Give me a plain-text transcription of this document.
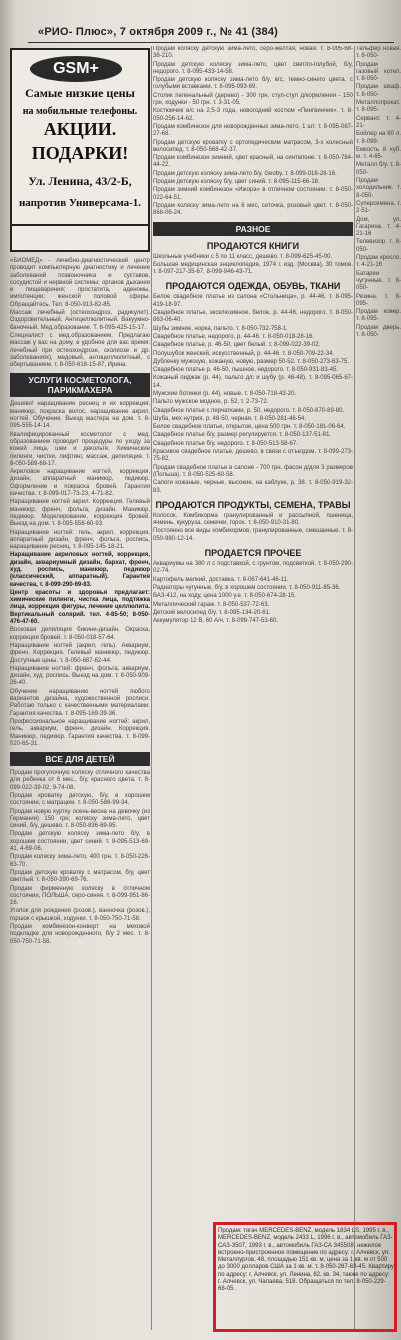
«РИО- Плюс», 7 октября 2009 г., № 41 (384)
GSM+
Самые низкие цены
на мобильные телефоны.
АКЦИИ.
ПОДАРКИ!
Ул. Ленина, 43/2-Б,
напротив Универсама-1.

«БИОМЕД» - лечебно-диагностический центр проводит компьютерную диагностику и лечение заболеваний позвоночника и суставов, сосудистой и нервной системы; органов дыхания и пищеварения; простатита, аденомы, импотенции; женской половой сферы. Обращайтесь. Тел. 8-050-913-82-85.

Массаж лечебный (остеохондроз, радикулит). Оздоровительный. Антицеллюлитный. Вакуумно-баночный. Мед.образование. Т. 8-095-425-15-17.

Специалист с мед.образованием. Предлагаю массаж у вас на дому, в удобное для вас время: лечебный при остеохондрозе, сколиозе и др. заболеваниях), медовый, антицеллюлитный, с обертыванием. т. 8-050-618-15-87, Ирина.

УСЛУГИ КОСМЕТОЛОГА, ПАРИКМАХЕРА

Дешево! наращивание ресниц и их коррекция; маникюр, покраска волос, наращивание акрил. ногтей. Обучение. Выезд мастера на дом. т. 8-095-555-14-14.

Квалифицированный косметолог с мед. образованием проводит процедуры по уходу за кожей лица, шеи и декольте. Химические пилинги, чистки, лифтинг, массаж, депиляция. т. 8-050-589-68-17.

Акриловое наращивание ногтей, коррекция, дизайн, аппаратный маникюр, педикюр. Оформление и покраска бровей. Гарантия качества. т. 8-099-017-73-23, 4-71-82.

Наращивание ногтей акрил. Коррекция. Гелевый маникюр, френч, фольга, дизайн. Маникюр, педикюр. Моделирование, коррекция бровей. Выезд на дом. т. 8-095-558-60-93.

Наращивание ногтей: гель, акрил, коррекция, аппаратный дизайн, френч, фольга, роспись, наращивание ресниц. т. 8-095-145-18-21.

Наращивание акриловых ногтей, коррекция, дизайн, аквариумный дизайн, бархат, френч, худ. роспись, маникюр, педикюр (классический, аппаратный). Гарантия качества, т. 8-099-290-69-83.

Центр красоты и здоровья предлагает: химические пилинги, чистка лица, подтяжка лица, коррекция фигуры, лечение целлюлита. Вертикальный солярий. тел. 4-85-50; 8-050-476-47-60.

Восковая депиляция бикини-дизайн. Окраска, коррекция бровей. т. 8-050-018-57-64.

Наращивание ногтей (акрил, гель). Аквариум, френч. Коррекция. Гелевый маникюр, педикюр. Доступные цены. т. 8-050-687-62-44.

Наращивание ногтей: френч, фольга, аквариум, дизайн, худ. роспись. Выезд на дом. т. 8-050-909-26-40.

Обучение наращиванию ногтей любого вариантов дизайна, художественной росписи. Работаю только с качественными материалами. Гарантия качества. т. 8-095-169-39-36.

Профессиональное наращивание ногтей: акрил, гель, аквариум, френч, дизайн. Коррекция. Маникюр, педикюр. Гарантия качества. т. 8-099-020-65-31.

ВСЕ ДЛЯ ДЕТЕЙ

Продам прогулочную коляску отличного качества для ребенка от 6 мес., б/у, красного цвета. т. 8-099-022-39-02, 9-74-08.

Продам кроватку детскую, б/у, в хорошем состоянии, с матрацем. т. 8-050-588-99-34.

Продам новую куртку осень-весна на девочку (из Германии) 150 грн; коляску зима-лето, цвет синий, б/у, дешево. т. 8-050-836-69-95.

Продам детскую коляску зима-лето б/у, в хорошем состоянии, цвет синий. т. 8-095-513-69-41, 4-69-06.

Продам коляску зима-лето, 400 грн. т. 8-050-226-63-70.

Продам детскую кроватку с матрасом, б/у, цвет светлый. т. 8-050-390-69-76.

Продам фирменную коляску в отличном состоянии, ПОЛЬША, серо-синяя. т. 8-099-951-86-16.

Уголок для рождения (розов.), ванночка (розов.), горшок с крышкой, ходунки. т. 8-050-750-71-58.

Продам комбинезон-конверт на меховой подкладке для новорожденного, б/у 2 мес. т. 8-050-750-71-58.

Продам коляску детскую зима-лето, серо-желтая, новая. т. 8-095-68-38-210.

Продам детскую коляску зима-лето, цвет светло-голубой, б/у, недорого. т. 8-095-433-14-58.

Продам детскую коляску зима-лето б/у, в/с, темно-синего цвета, с голубыми вставками. т. 8-095-093-69.

Столик пеленальный (дерево) - 300 грн, стул-стул д/кормления - 150 грн, ходунки - 50 грн. т. 3-31-05.

Костюмчик в/с на 2,5-3 года, новогодний костюм «Пингвинчик». т. 8-050-256-14-62.

Продам комбинезон для новорожденных зима-лето, 1 шт. т. 8-095-087-27-68.

Продам детскую кроватку с ортопедическим матрасом, 3-х колесный велосипед. т. 8-050-568-42-37.

Продам комбинезон зимний, цвет красный, на синтепоне. т. 8-050-784-44-22.

Продам детскую коляску зима-лето б/у. Geoby. т. 8-099-018-28-16.

Продам детскую коляску б/у, цвет синий. т. 8-095-115-66-18.

Продам зимний комбинезон «Ижора» в отличном состоянии. т. 8-050-022-64-51.

Продам коляску зима-лето на 6 мес, сеточка, розовый цвет. т. 8-050-868-06-24.

РАЗНОЕ
ПРОДАЮТСЯ КНИГИ

Школьные учебники с 5 по 11 класс, дешево. т. 8-099-625-45-00.

Большая медицинская энциклопедия, 1974 г. изд. (Москва), 30 томов. т. 8-097-217-35-67, 8-099-946-43-71.

ПРОДАЮТСЯ ОДЕЖДА, ОБУВЬ, ТКАНИ

Белое свадебное платье из салона «Стольница», р. 44-46. т. 8-095-419-18-97.

Свадебное платье, эксклюзивное, белое, р. 44-46, недорого. т. 8-050-863-06-40.

Шубы зимние, норка, пальто. т. 8-050-732-758-1.

Свадебное платье, недорого, р. 44-46. т. 8-050-018-28-16.

Свадебное платье, р. 46-50, цвет белый. т. 8-099-022-39-02.

Полушубок женский, искусственный, р. 44-46. т. 8-050-709-22-34.

Дубленку мужскую, кожаную, новую, размер 50-52. т. 8-050-273-63-75.

Свадебное платье р. 46-50, пышное, недорого. т. 8-050-931-83-45.

Кожаный пиджак (р. 44), пальто д/с и шубу (р. 46-48). т. 8-095-065-67-14.

Мужские ботинки (р. 44), новые. т. 8-050-718-43-20.

Пальто мужское модное, р. 52, т. 2-73-72.

Свадебное платье с перчатками, р. 50, недорого. т. 8-050-670-89-80.

Шуба, мех нутрия, р. 48-50, черная. т. 8-050-281-46-54.

Белое свадебное платье, открытое, цена 500 грн. т. 8-050-181-06-64.

Свадебное платье б/у, размер регулируется. т. 8-050-137-51-81.

Свадебное платье б/у, недорого. т. 8-050-513-58-67.

Красивое свадебное платье, дешево, в связи с отъездом. т. 8-099-273-75-82.

Продам свадебное платье в салоне - 700 грн, фасон д/для 3 размеров (Польша). т. 8-050-525-60-58.

Сапоги кожаные, черные, высокие, на каблуке, р. 38. т. 8-050-919-32-83.

ПРОДАЮТСЯ ПРОДУКТЫ, СЕМЕНА, ТРАВЫ

Колосок. Комбикорма гранулированный и рассыпной, пшеница, ячмень, кукуруза, семечки, горох. т. 8-050-910-31-80.

Постоянно все виды комбикормов, гранулированные, смешанные. т. 8-050-980-12-14.

ПРОДАЕТСЯ ПРОЧЕЕ

Аквариумы на 380 л с подставкой, с грунтом, подсветкой. т. 8-050-290-02-74.

Картофель мелкий, доставка. т. 8-067-641-46-11.

Радиаторы чугунные, б/у, в хорошем состоянии. т. 8-050-911-85-36.

ВАЗ-412, на ходу, цена 1000 у.е. т. 8-050-674-28-15.

Металлический гараж. т. 8-050-537-72-63.

Детский велосипед б/у. т. 8-095-134-20-61.

Аккумулятор 12 В, 60 А/ч. т. 8-099-747-53-60.

Тельфер новая. т. 8-050-

Продам газовый котел. т. 8-050-

Продам шкаф. т. 8-050-

Металлопрокат. т. 8-095-

Сервант. т. 4-21-

Бойлер на 80 л. т. 8-099-

Емкость 8 куб. м. т. 4-65-

Металл б/у. т. 8-050-

Продам холодильник. т. 8-050-

Суперсемена. т. 2-51-

Дом, ул. Гагарина. т. 4-21-16

Телевизор. т. 8-050-

Продам кресло. т. 4-21-16

Батареи чугунные. т. 8-050-

Резина. т. 8-095-

Продам ковер. т. 8-095-

Продам дверь. т. 8-050-

Продам: тягач MERCEDES-BENZ, модель 1834 LS, 1995 г. в., MERCEDES-BENZ, модель 2433 L, 1996 г. в., автомобиль ГАЗ-САЗ-3507, 1993 г. в., автомобиль ГАЗ-СА 345508, нежилое встроено-пристроенное помещение по адресу: г. Алчевск, ул. Металлургов, 48, площадью 151 кв. м, цена за 1 кв. м от 500 до 3000 долларов США за 1 кв. м. т. 8-050-287-63-45. Квартиру по адресу: г. Алчевск, ул. Ленина, 82, кв. 34, также по адресу: г. Алчевск, ул. Чапаева, 518. Обращаться по тел. 8-050-229-68-05.
